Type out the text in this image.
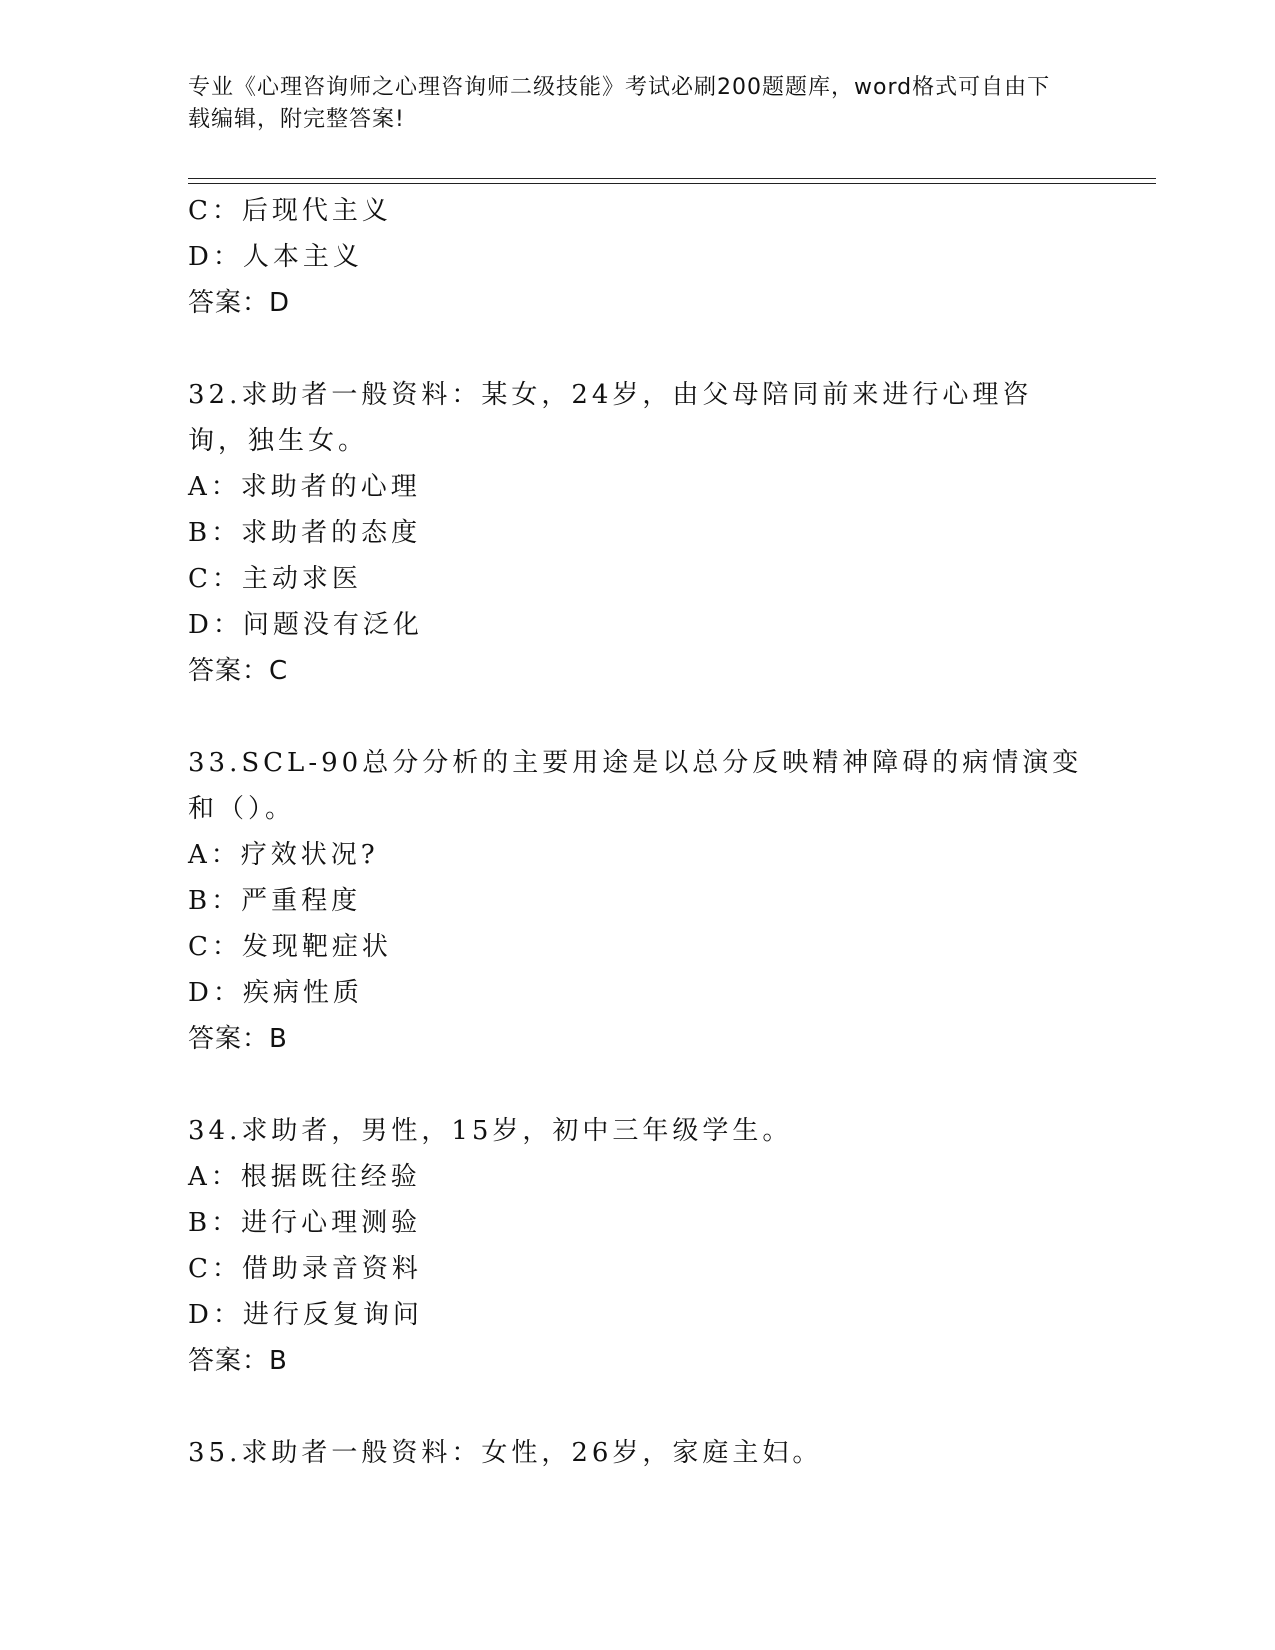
专业《心理咨询师之心理咨询师二级技能》考试必刷200题题库，word格式可自由下载编辑，附完整答案!
C：后现代主义
D：人本主义
答案：D
32.求助者一般资料：某女，24岁，由父母陪同前来进行心理咨询，独生女。
A：求助者的心理
B：求助者的态度
C：主动求医
D：问题没有泛化
答案：C
33.SCL-90总分分析的主要用途是以总分反映精神障碍的病情演变和（）。
A：疗效状况?
B：严重程度
C：发现靶症状
D：疾病性质
答案：B
34.求助者，男性，15岁，初中三年级学生。
A：根据既往经验
B：进行心理测验
C：借助录音资料
D：进行反复询问
答案：B
35.求助者一般资料：女性，26岁，家庭主妇。
